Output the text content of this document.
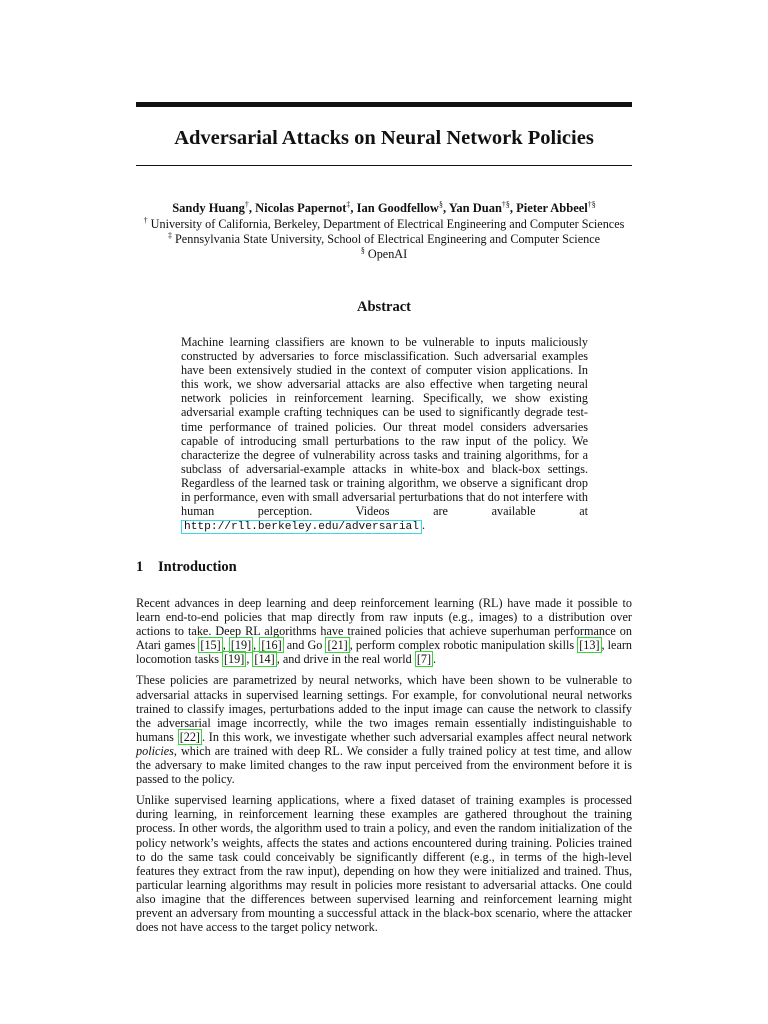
Adversarial Attacks on Neural Network Policies
Sandy Huang†, Nicolas Papernot‡, Ian Goodfellow§, Yan Duan†§, Pieter Abbeel†§
† University of California, Berkeley, Department of Electrical Engineering and Computer Sciences
‡ Pennsylvania State University, School of Electrical Engineering and Computer Science
§ OpenAI
Abstract
Machine learning classifiers are known to be vulnerable to inputs maliciously constructed by adversaries to force misclassification. Such adversarial examples have been extensively studied in the context of computer vision applications. In this work, we show adversarial attacks are also effective when targeting neural network policies in reinforcement learning. Specifically, we show existing adversarial example crafting techniques can be used to significantly degrade test-time performance of trained policies. Our threat model considers adversaries capable of introducing small perturbations to the raw input of the policy. We characterize the degree of vulnerability across tasks and training algorithms, for a subclass of adversarial-example attacks in white-box and black-box settings. Regardless of the learned task or training algorithm, we observe a significant drop in performance, even with small adversarial perturbations that do not interfere with human perception. Videos are available at http://rll.berkeley.edu/adversarial .
1 Introduction

Recent advances in deep learning and deep reinforcement learning (RL) have made it possible to learn end-to-end policies that map directly from raw inputs (e.g., images) to a distribution over actions to take. Deep RL algorithms have trained policies that achieve superhuman performance on Atari games [15] , [19] , [16] and Go [21] , perform complex robotic manipulation skills [13] , learn locomotion tasks [19] , [14] , and drive in the real world [7] .

These policies are parametrized by neural networks, which have been shown to be vulnerable to adversarial attacks in supervised learning settings. For example, for convolutional neural networks trained to classify images, perturbations added to the input image can cause the network to classify the adversarial image incorrectly, while the two images remain essentially indistinguishable to humans [22] . In this work, we investigate whether such adversarial examples affect neural network policies, which are trained with deep RL. We consider a fully trained policy at test time, and allow the adversary to make limited changes to the raw input perceived from the environment before it is passed to the policy.

Unlike supervised learning applications, where a fixed dataset of training examples is processed during learning, in reinforcement learning these examples are gathered throughout the training process. In other words, the algorithm used to train a policy, and even the random initialization of the policy network’s weights, affects the states and actions encountered during training. Policies trained to do the same task could conceivably be significantly different (e.g., in terms of the high-level features they extract from the raw input), depending on how they were initialized and trained. Thus, particular learning algorithms may result in policies more resistant to adversarial attacks. One could also imagine that the differences between supervised learning and reinforcement learning might prevent an adversary from mounting a successful attack in the black-box scenario, where the attacker does not have access to the target policy network.
